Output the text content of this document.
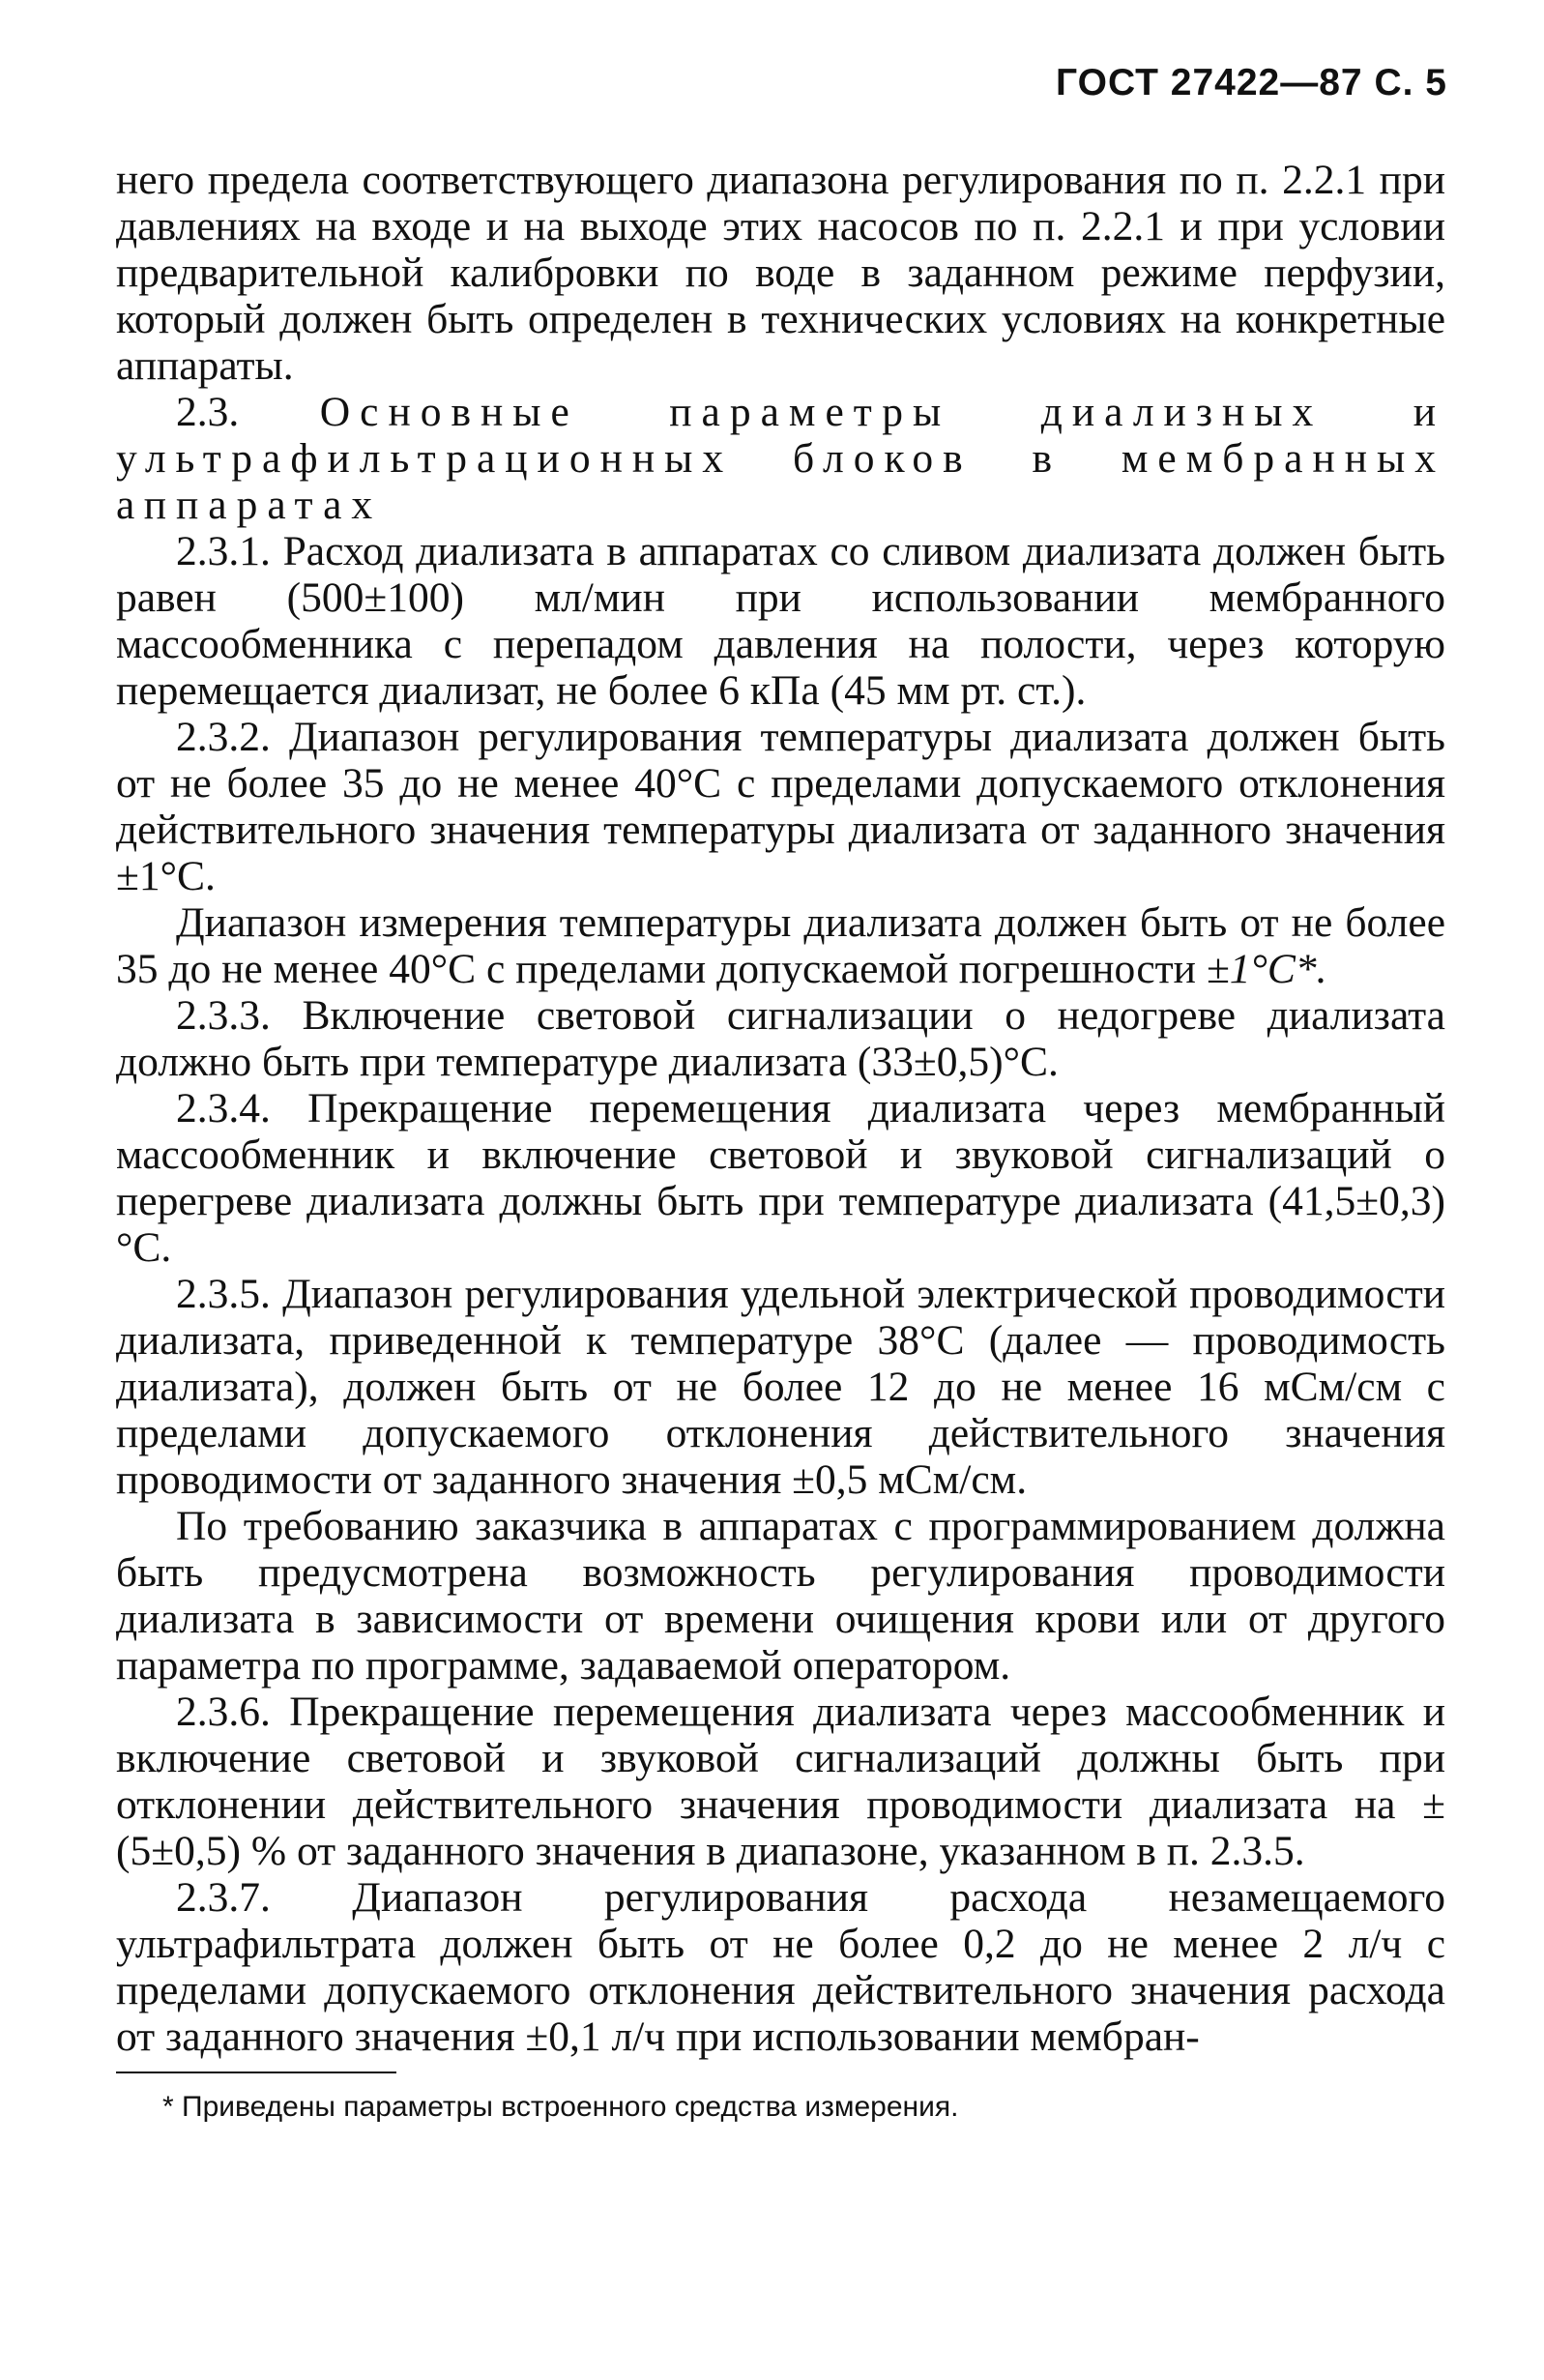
ГОСТ 27422—87 С. 5

него предела соответствующего диапазона регулирования по п. 2.2.1 при давлениях на входе и на выходе этих насосов по п. 2.2.1 и при условии предварительной калибровки по воде в заданном режиме перфузии, который должен быть определен в технических условиях на конкретные аппараты.

2.3. Основные параметры диализных и ультрафильтрационных блоков в мембранных аппаратах

2.3.1. Расход диализата в аппаратах со сливом диализата должен быть равен (500±100) мл/мин при использовании мембранного массообменника с перепадом давления на полости, через которую перемещается диализат, не более 6 кПа (45 мм рт. ст.).

2.3.2. Диапазон регулирования температуры диализата должен быть от не более 35 до не менее 40°С с пределами допускаемого отклонения действительного значения температуры диализата от заданного значения ±1°С.

Диапазон измерения температуры диализата должен быть от не более 35 до не менее 40°С с пределами допускаемой погрешности ±1°С*.

2.3.3. Включение световой сигнализации о недогреве диализата должно быть при температуре диализата (33±0,5)°С.

2.3.4. Прекращение перемещения диализата через мембранный массообменник и включение световой и звуковой сигнализаций о перегреве диализата должны быть при температуре диализата (41,5±0,3)°С.

2.3.5. Диапазон регулирования удельной электрической проводимости диализата, приведенной к температуре 38°С (далее — проводимость диализата), должен быть от не более 12 до не менее 16 мСм/см с пределами допускаемого отклонения действительного значения проводимости от заданного значения ±0,5 мСм/см.

По требованию заказчика в аппаратах с программированием должна быть предусмотрена возможность регулирования проводимости диализата в зависимости от времени очищения крови или от другого параметра по программе, задаваемой оператором.

2.3.6. Прекращение перемещения диализата через массообменник и включение световой и звуковой сигнализаций должны быть при отклонении действительного значения проводимости диализата на ±(5±0,5) % от заданного значения в диапазоне, указанном в п. 2.3.5.

2.3.7. Диапазон регулирования расхода незамещаемого ультрафильтрата должен быть от не более 0,2 до не менее 2 л/ч с пределами допускаемого отклонения действительного значения расхода от заданного значения ±0,1 л/ч при использовании мембран-

* Приведены параметры встроенного средства измерения.
